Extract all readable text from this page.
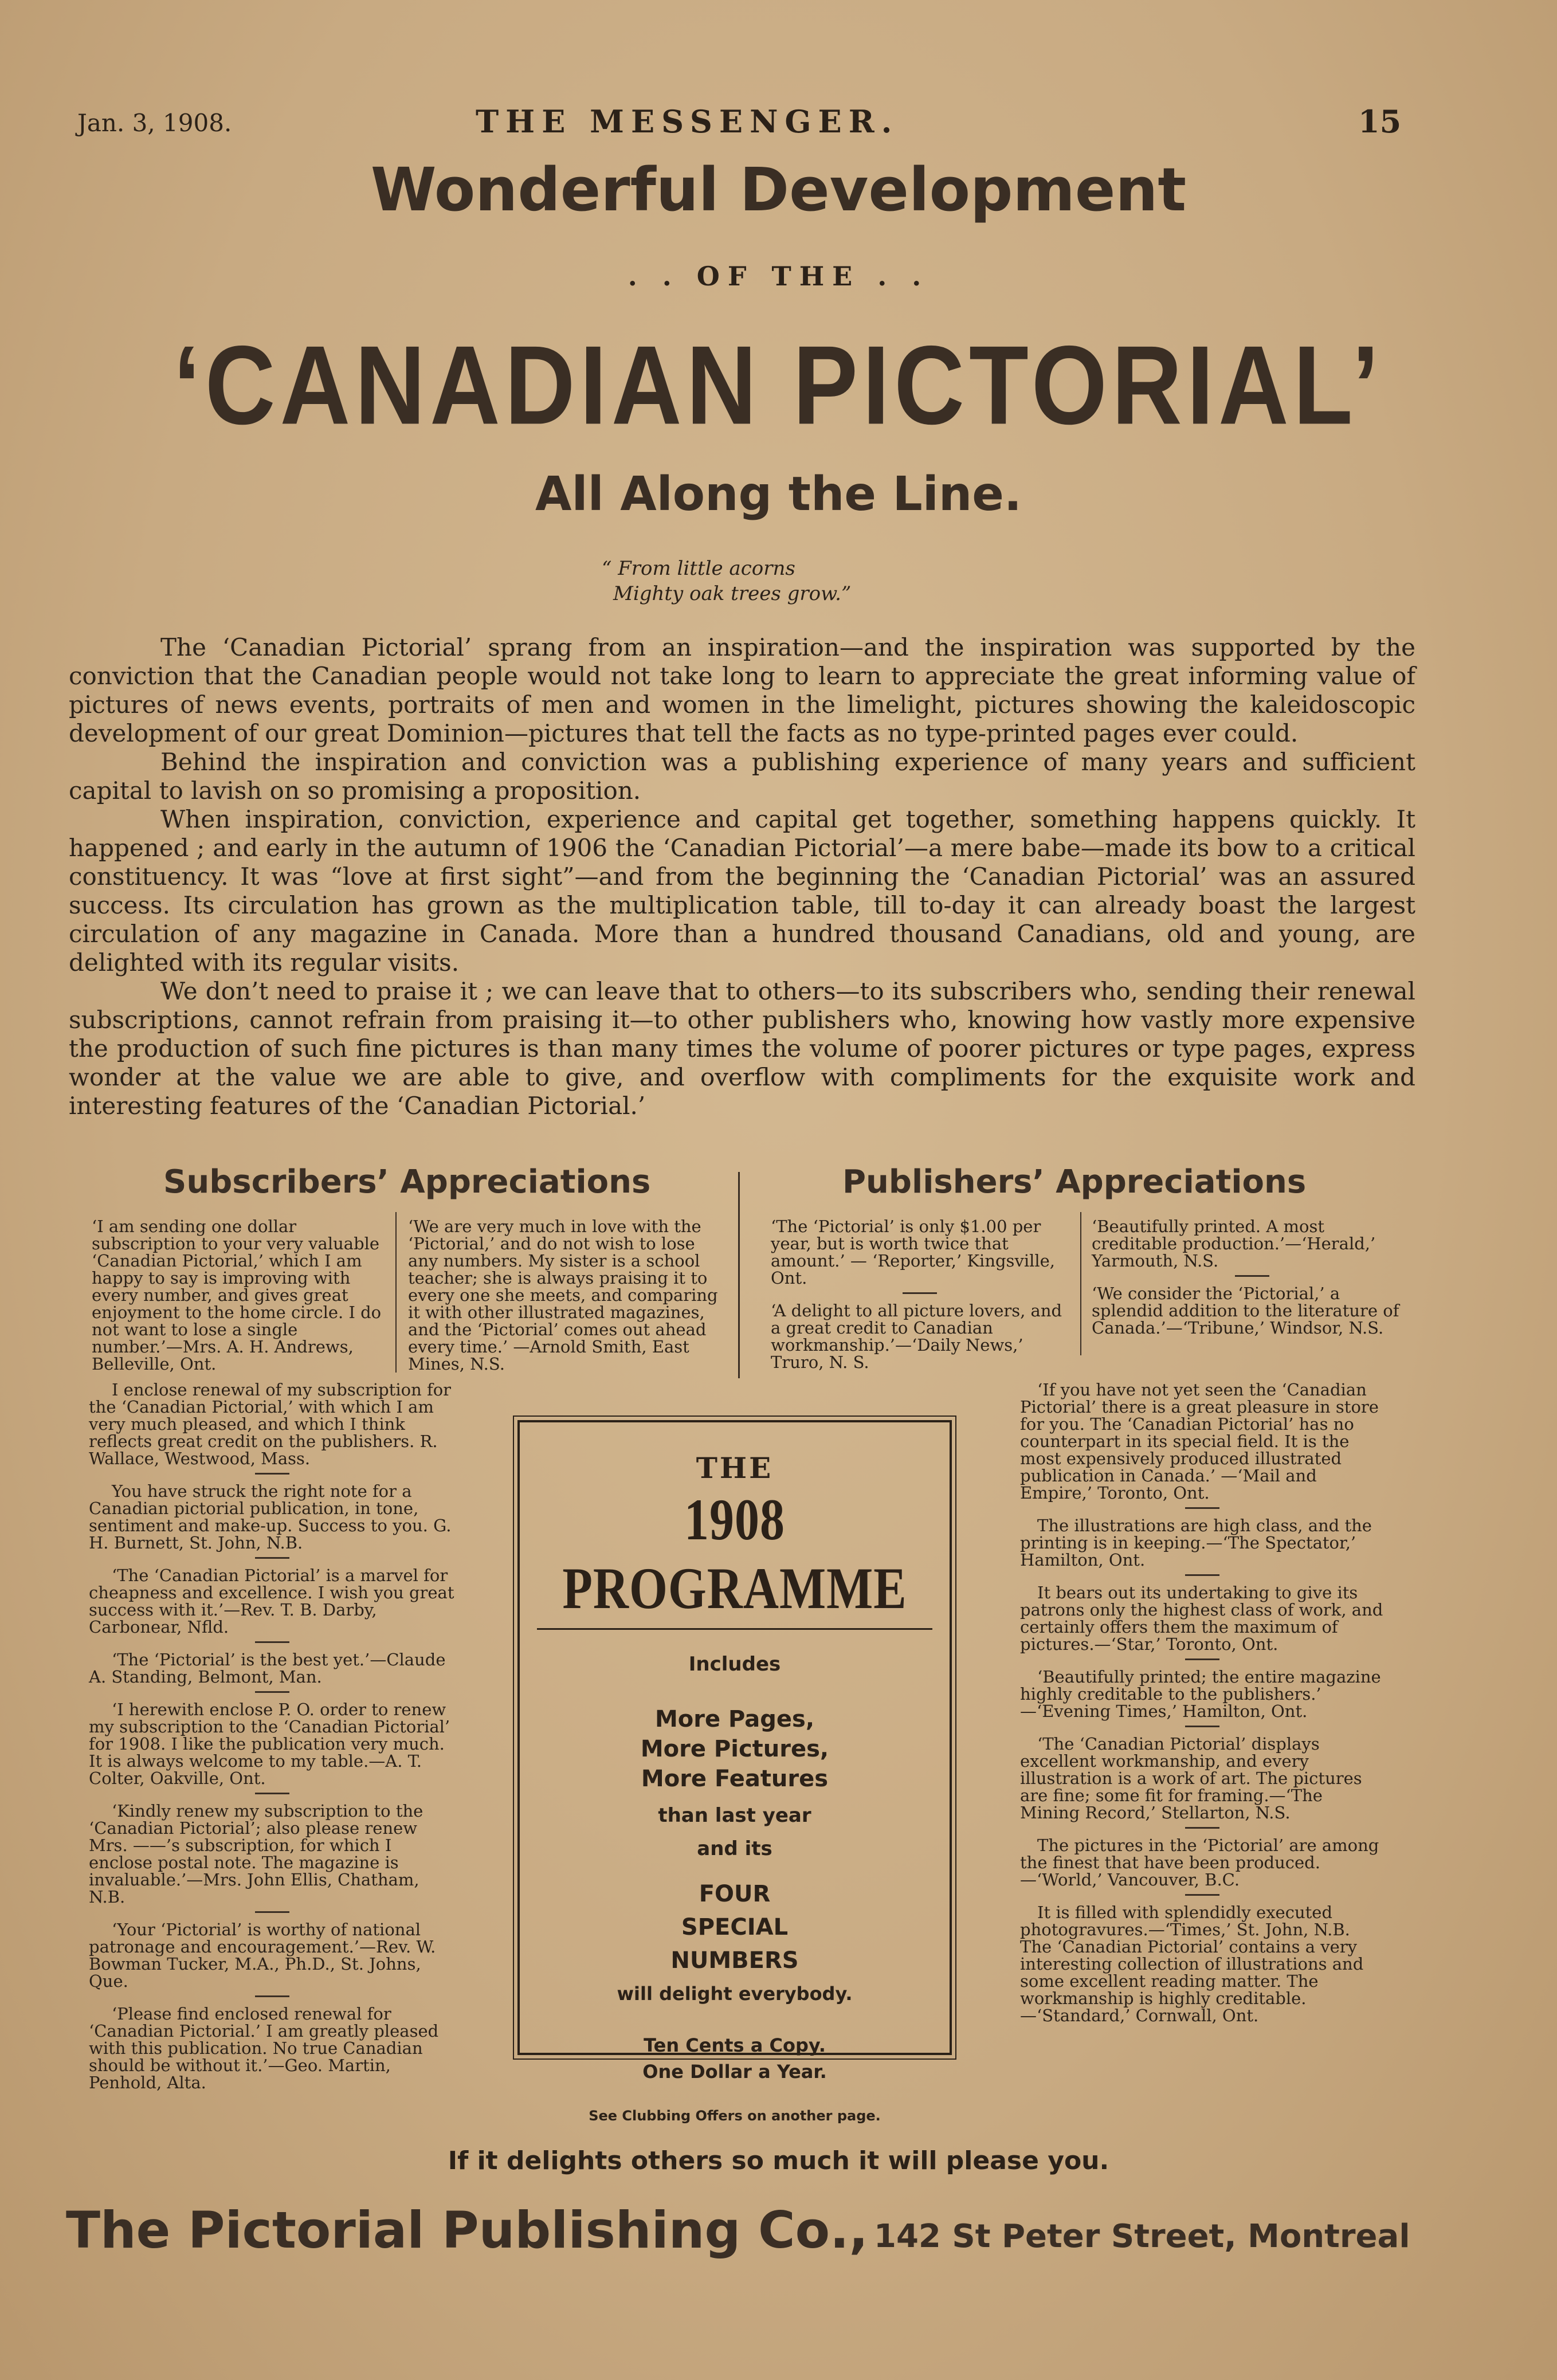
Jan. 3, 1908.	THE MESSENGER.	15
Wonderful Development
. . OF THE . .
‘CANADIAN PICTORIAL’
All Along the Line.
“ From little acorns
Mighty oak trees grow.”

The ‘Canadian Pictorial’ sprang from an inspiration—and the inspiration was supported by the conviction that the Canadian people would not take long to learn to appreciate the great informing value of pictures of news events, portraits of men and women in the limelight, pictures showing the kaleidoscopic development of our great Dominion—pictures that tell the facts as no type-printed pages ever could.

Behind the inspiration and conviction was a publishing experience of many years and sufficient capital to lavish on so promising a proposition.

When inspiration, conviction, experience and capital get together, something happens quickly. It happened ; and early in the autumn of 1906 the ‘Canadian Pictorial’—a mere babe—made its bow to a critical constituency. It was “love at first sight”—and from the beginning the ‘Canadian Pictorial’ was an assured success. Its circulation has grown as the multiplication table, till to-day it can already boast the largest circulation of any magazine in Canada. More than a hundred thousand Canadians, old and young, are delighted with its regular visits.

We don’t need to praise it ; we can leave that to others—to its subscribers who, sending their renewal subscriptions, cannot refrain from praising it—to other publishers who, knowing how vastly more expensive the production of such fine pictures is than many times the volume of poorer pictures or type pages, express wonder at the value we are able to give, and overflow with compliments for the exquisite work and interesting features of the ‘Canadian Pictorial.’

Subscribers’ Appreciations	Publishers’ Appreciations

‘I am sending one dollar subscription to your very valuable ‘Canadian Pictorial,’ which I am happy to say is improving with every number, and gives great enjoyment to the home circle. I do not want to lose a single number.’—Mrs. A. H. Andrews, Belleville, Ont.

‘We are very much in love with the ‘Pictorial,’ and do not wish to lose any numbers. My sister is a school teacher; she is always praising it to every one she meets, and comparing it with other illustrated magazines, and the ‘Pictorial’ comes out ahead every time.’ —Arnold Smith, East Mines, N.S.

‘The ‘Pictorial’ is only $1.00 per year, but is worth twice that amount.’ — ‘Reporter,’ Kingsville, Ont.

‘A delight to all picture lovers, and a great credit to Canadian workmanship.’—‘Daily News,’ Truro, N. S.

‘Beautifully printed. A most creditable production.’—‘Herald,’ Yarmouth, N.S.

‘We consider the ‘Pictorial,’ a splendid addition to the literature of Canada.’—‘Tribune,’ Windsor, N.S.

I enclose renewal of my subscription for the ‘Canadian Pictorial,’ with which I am very much pleased, and which I think reflects great credit on the publishers. R. Wallace, Westwood, Mass.

You have struck the right note for a Canadian pictorial publication, in tone, sentiment and make-up. Success to you. G. H. Burnett, St. John, N.B.

‘The ‘Canadian Pictorial’ is a marvel for cheapness and excellence. I wish you great success with it.’—Rev. T. B. Darby, Carbonear, Nfld.

‘The ‘Pictorial’ is the best yet.’—Claude A. Standing, Belmont, Man.

‘I herewith enclose P. O. order to renew my subscription to the ‘Canadian Pictorial’ for 1908. I like the publication very much. It is always welcome to my table.—A. T. Colter, Oakville, Ont.

‘Kindly renew my subscription to the ‘Canadian Pictorial’; also please renew Mrs. ——’s subscription, for which I enclose postal note. The magazine is invaluable.’—Mrs. John Ellis, Chatham, N.B.

‘Your ‘Pictorial’ is worthy of national patronage and encouragement.’—Rev. W. Bowman Tucker, M.A., Ph.D., St. Johns, Que.

‘Please find enclosed renewal for ‘Canadian Pictorial.’ I am greatly pleased with this publication. No true Canadian should be without it.’—Geo. Martin, Penhold, Alta.

THE
1908 PROGRAMME
Includes
More Pages,
More Pictures,
More Features
than last year
and its
FOUR
SPECIAL
NUMBERS
will delight everybody.
Ten Cents a Copy.
One Dollar a Year.
See Clubbing Offers on another page.

‘If you have not yet seen the ‘Canadian Pictorial’ there is a great pleasure in store for you. The ‘Canadian Pictorial’ has no counterpart in its special field. It is the most expensively produced illustrated publication in Canada.’ —‘Mail and Empire,’ Toronto, Ont.

The illustrations are high class, and the printing is in keeping.—‘The Spectator,’ Hamilton, Ont.

It bears out its undertaking to give its patrons only the highest class of work, and certainly offers them the maximum of pictures.—‘Star,’ Toronto, Ont.

‘Beautifully printed; the entire magazine highly creditable to the publishers.’ —‘Evening Times,’ Hamilton, Ont.

‘The ‘Canadian Pictorial’ displays excellent workmanship, and every illustration is a work of art. The pictures are fine; some fit for framing.—‘The Mining Record,’ Stellarton, N.S.

The pictures in the ‘Pictorial’ are among the finest that have been produced.—‘World,’ Vancouver, B.C.

It is filled with splendidly executed photogravures.—‘Times,’ St. John, N.B. The ‘Canadian Pictorial’ contains a very interesting collection of illustrations and some excellent reading matter. The workmanship is highly creditable.—‘Standard,’ Cornwall, Ont.

If it delights others so much it will please you.
The Pictorial Publishing Co., 142 St Peter Street, Montreal
